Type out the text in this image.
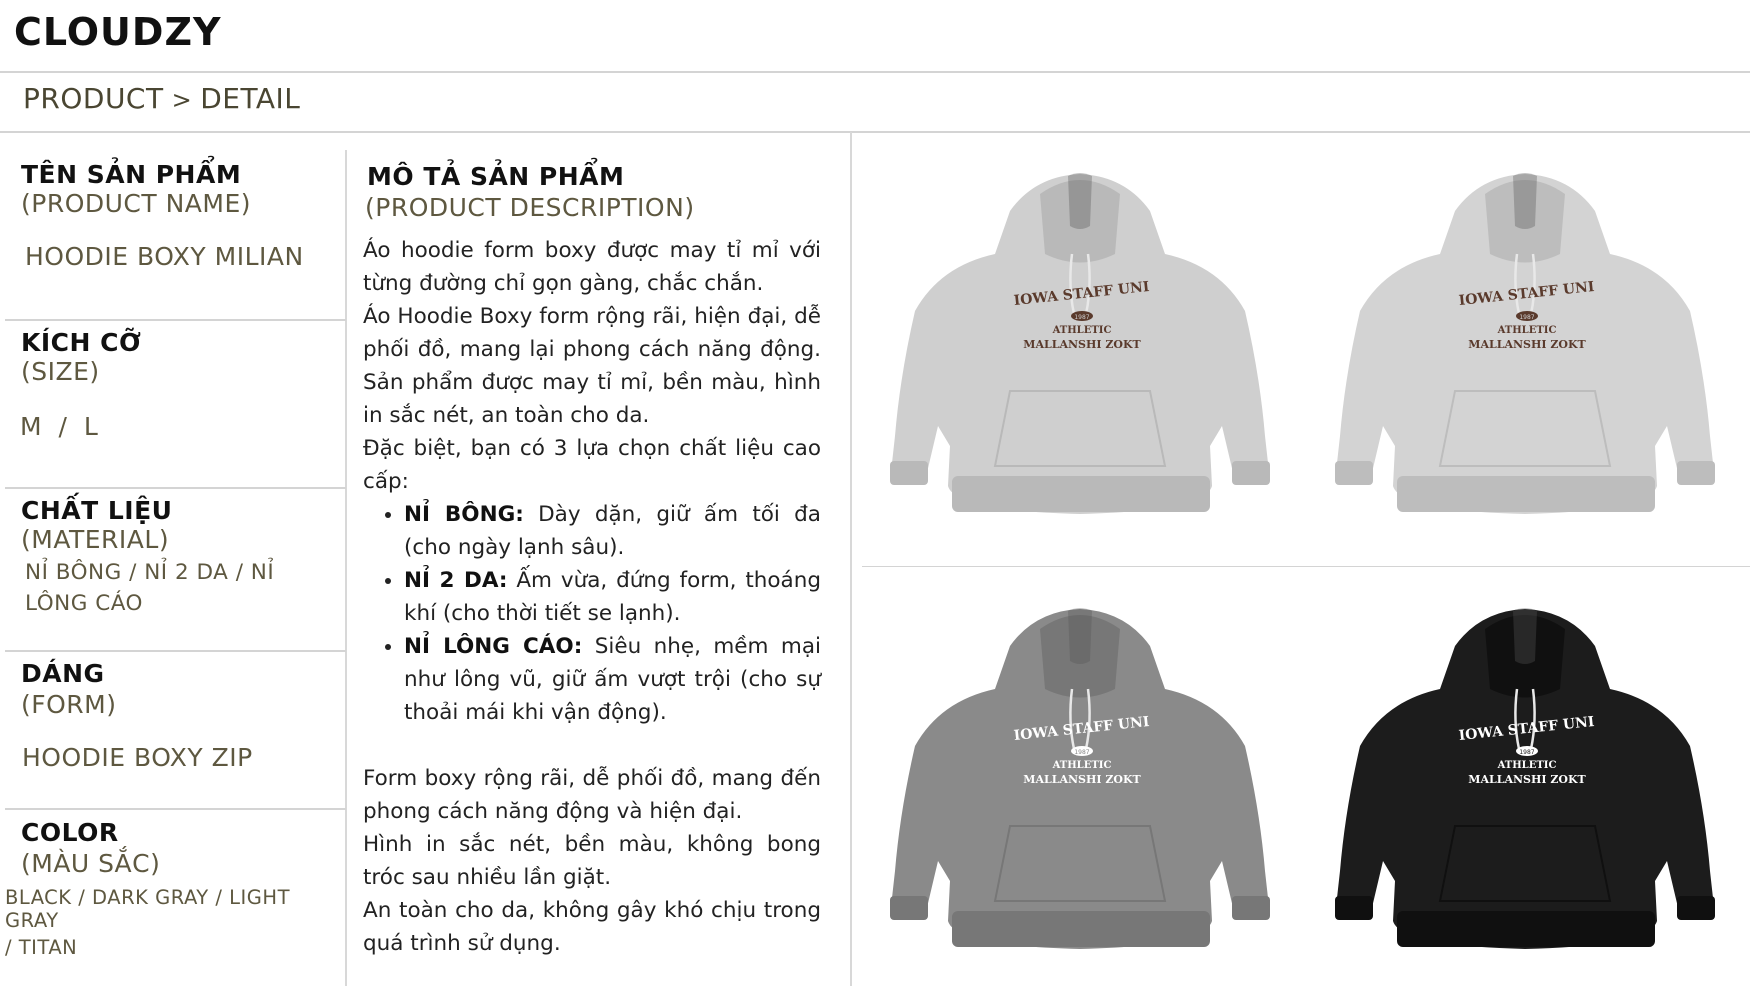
CLOUDZY
PRODUCT > DETAIL
TÊN SẢN PHẨM
(PRODUCT NAME)
HOODIE BOXY MILIAN
KÍCH CỠ
(SIZE)
M / L
CHẤT LIỆU
(MATERIAL)
NỈ BÔNG / NỈ 2 DA / NỈ
LÔNG CÁO
DÁNG
(FORM)
HOODIE BOXY ZIP
COLOR
(MÀU SẮC)
BLACK / DARK GRAY / LIGHT GRAY
/ TITAN
MÔ TẢ SẢN PHẨM
(PRODUCT DESCRIPTION)

Áo hoodie form boxy được may tỉ mỉ với từng đường chỉ gọn gàng, chắc chắn.

Áo Hoodie Boxy form rộng rãi, hiện đại, dễ phối đồ, mang lại phong cách năng động. Sản phẩm được may tỉ mỉ, bền màu, hình in sắc nét, an toàn cho da.

Đặc biệt, bạn có 3 lựa chọn chất liệu cao cấp:

• NỈ BÔNG: Dày dặn, giữ ấm tối đa (cho ngày lạnh sâu).
• NỈ 2 DA: Ấm vừa, đứng form, thoáng khí (cho thời tiết se lạnh).
• NỈ LÔNG CÁO: Siêu nhẹ, mềm mại như lông vũ, giữ ấm vượt trội (cho sự thoải mái khi vận động).

Form boxy rộng rãi, dễ phối đồ, mang đến phong cách năng động và hiện đại.

Hình in sắc nét, bền màu, không bong tróc sau nhiều lần giặt.

An toàn cho da, không gây khó chịu trong quá trình sử dụng.

IOWA STAFF UNI
1987
ATHLETIC
MALLANSHI ZOKT
IOWA STAFF UNI
1987
ATHLETIC
MALLANSHI ZOKT
IOWA STAFF UNI
1987
ATHLETIC
MALLANSHI ZOKT
IOWA STAFF UNI
1987
ATHLETIC
MALLANSHI ZOKT
